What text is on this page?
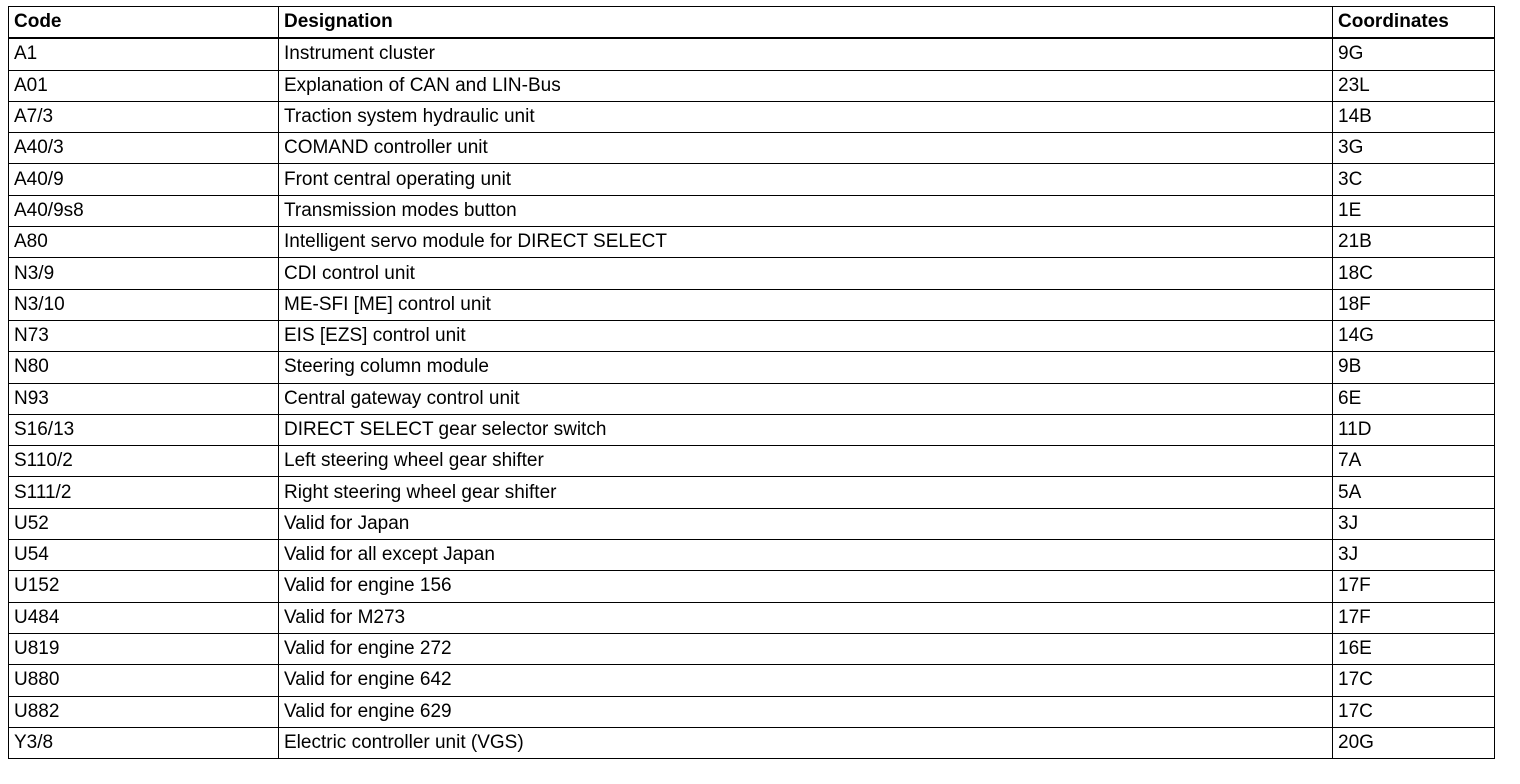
Code	Designation	Coordinates
A1	Instrument cluster	9G
A01	Explanation of CAN and LIN-Bus	23L
A7/3	Traction system hydraulic unit	14B
A40/3	COMAND controller unit	3G
A40/9	Front central operating unit	3C
A40/9s8	Transmission modes button	1E
A80	Intelligent servo module for DIRECT SELECT	21B
N3/9	CDI control unit	18C
N3/10	ME-SFI [ME] control unit	18F
N73	EIS [EZS] control unit	14G
N80	Steering column module	9B
N93	Central gateway control unit	6E
S16/13	DIRECT SELECT gear selector switch	11D
S110/2	Left steering wheel gear shifter	7A
S111/2	Right steering wheel gear shifter	5A
U52	Valid for Japan	3J
U54	Valid for all except Japan	3J
U152	Valid for engine 156	17F
U484	Valid for M273	17F
U819	Valid for engine 272	16E
U880	Valid for engine 642	17C
U882	Valid for engine 629	17C
Y3/8	Electric controller unit (VGS)	20G
